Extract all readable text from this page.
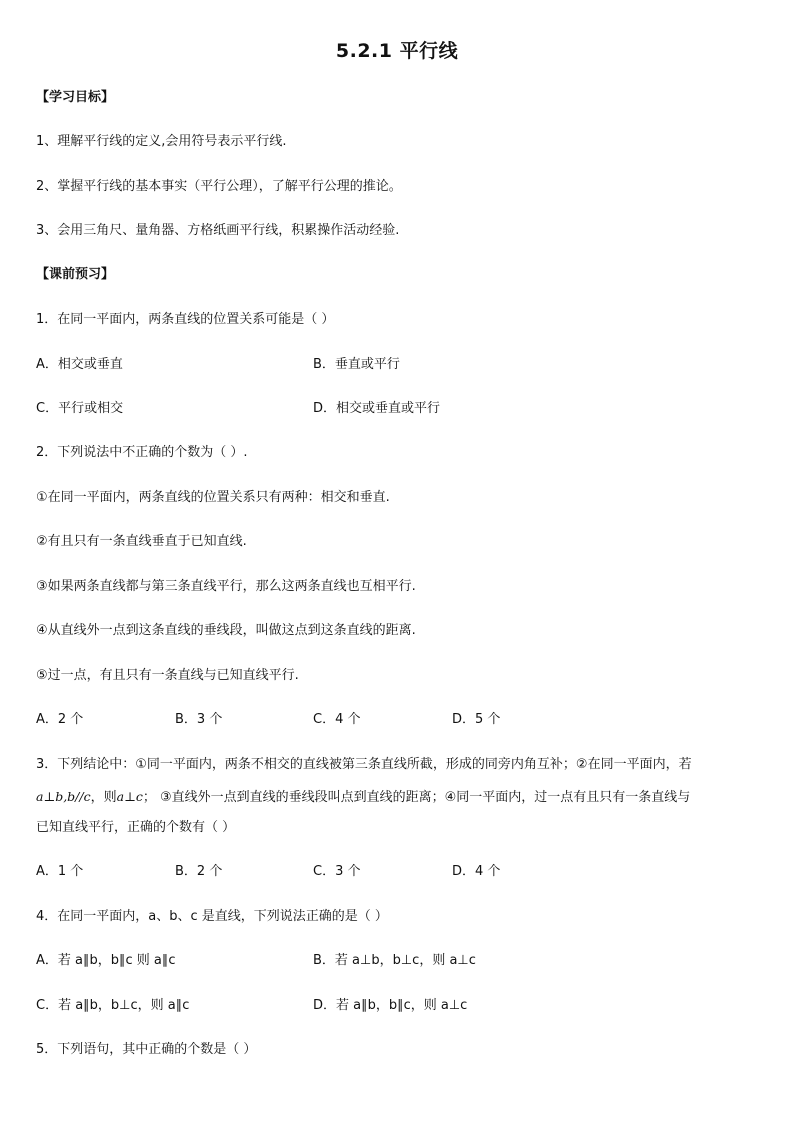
5.2.1 平行线
【学习目标】
1、理解平行线的定义,会用符号表示平行线.
2、掌握平行线的基本事实（平行公理），了解平行公理的推论。
3、会用三角尺、量角器、方格纸画平行线，积累操作活动经验.
【课前预习】
1．在同一平面内，两条直线的位置关系可能是（ ）
A．相交或垂直	B．垂直或平行
C．平行或相交	D．相交或垂直或平行
2．下列说法中不正确的个数为（ ）.
①在同一平面内，两条直线的位置关系只有两种：相交和垂直.
②有且只有一条直线垂直于已知直线.
③如果两条直线都与第三条直线平行，那么这两条直线也互相平行.
④从直线外一点到这条直线的垂线段，叫做这点到这条直线的距离.
⑤过一点，有且只有一条直线与已知直线平行.
A．2 个	B．3 个	C．4 个	D．5 个
3．下列结论中：①同一平面内，两条不相交的直线被第三条直线所截，形成的同旁内角互补；②在同一平面内，若
a⊥b,b//c，则a⊥c； ③直线外一点到直线的垂线段叫点到直线的距离；④同一平面内，过一点有且只有一条直线与
已知直线平行，正确的个数有（ ）
A．1 个	B．2 个	C．3 个	D．4 个
4．在同一平面内，a、b、c 是直线，下列说法正确的是（ ）
A．若 a∥b，b∥c 则 a∥c	B．若 a⊥b，b⊥c，则 a⊥c
C．若 a∥b，b⊥c，则 a∥c	D．若 a∥b，b∥c，则 a⊥c
5．下列语句，其中正确的个数是（ ）
